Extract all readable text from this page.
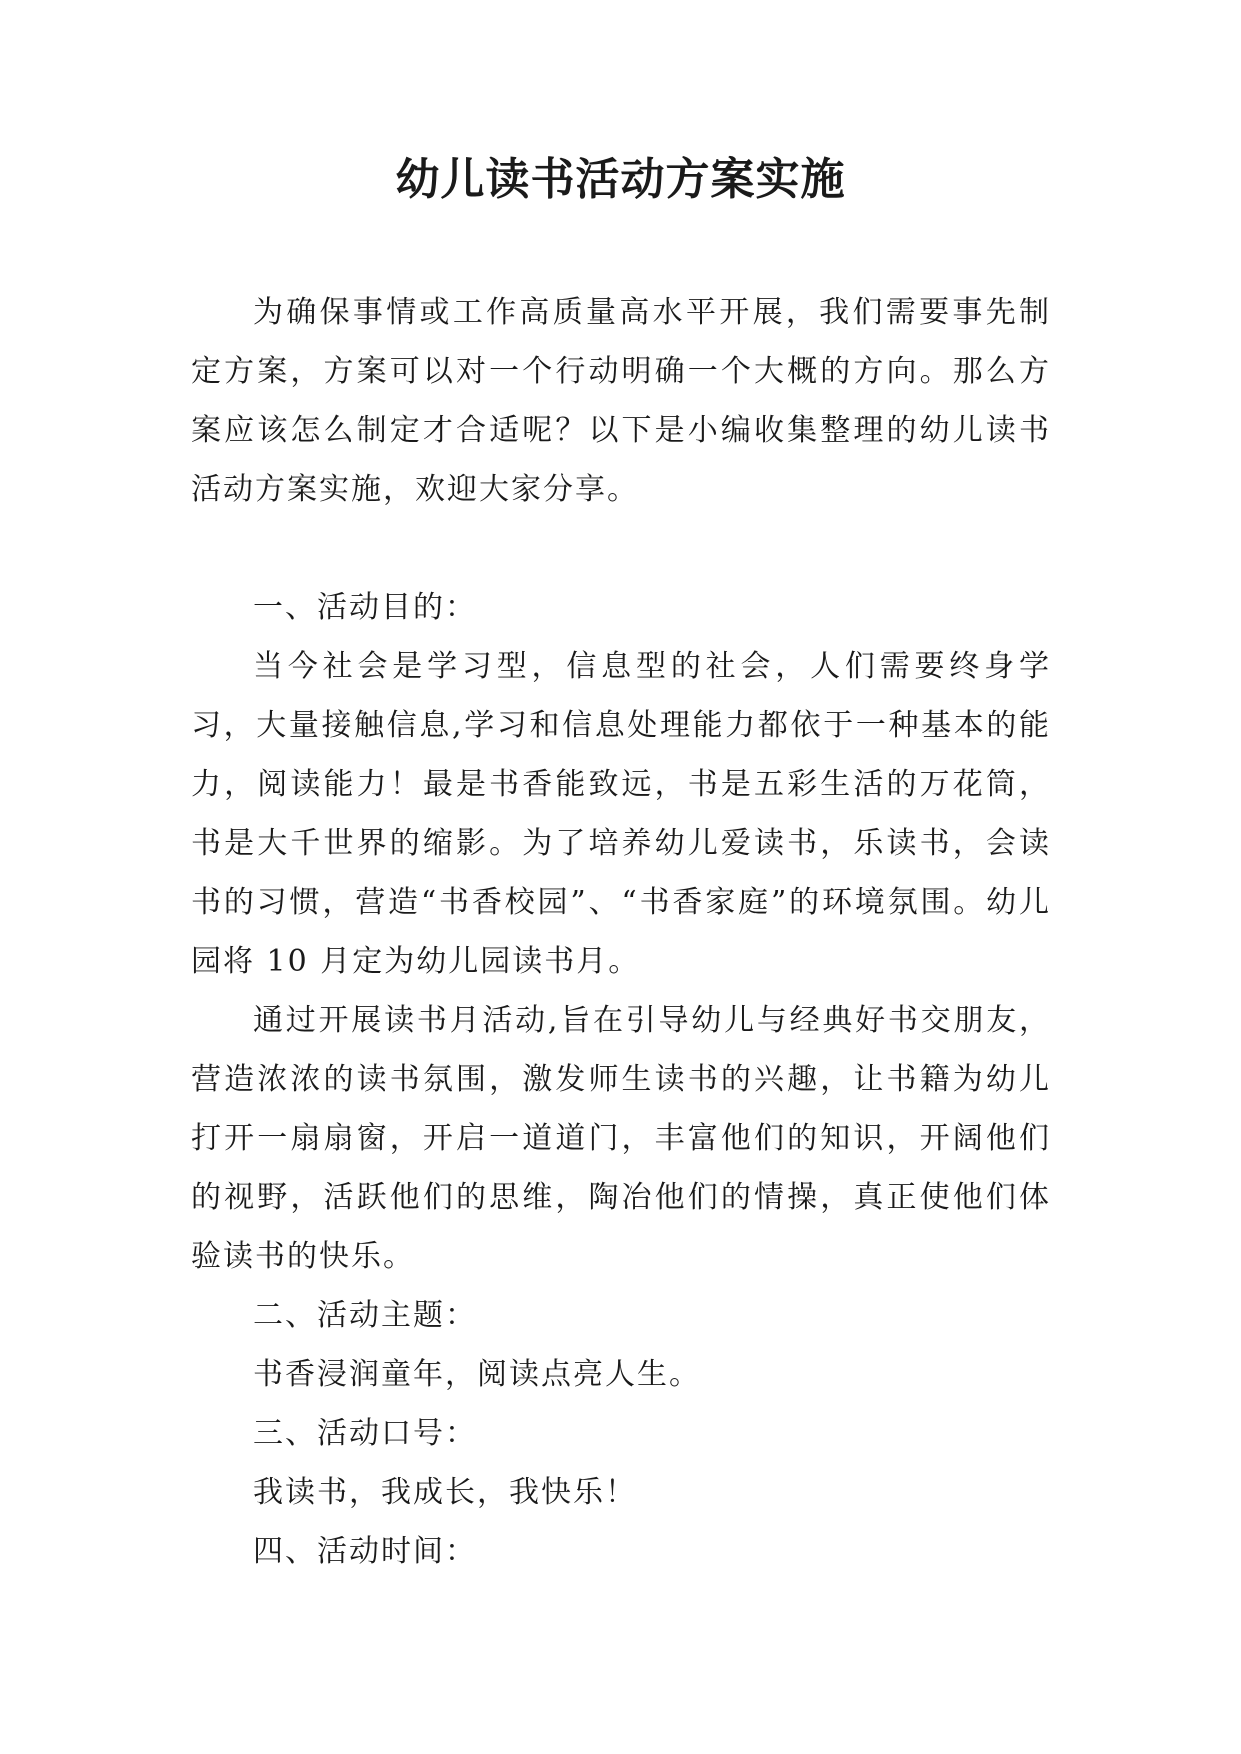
幼儿读书活动方案实施

为确保事情或工作高质量高水平开展，我们需要事先制定方案，方案可以对一个行动明确一个大概的方向。那么方案应该怎么制定才合适呢？以下是小编收集整理的幼儿读书活动方案实施，欢迎大家分享。

一、活动目的：

当今社会是学习型，信息型的社会，人们需要终身学习，大量接触信息,学习和信息处理能力都依于一种基本的能力，阅读能力！最是书香能致远，书是五彩生活的万花筒，书是大千世界的缩影。为了培养幼儿爱读书，乐读书，会读书的习惯，营造“书香校园”、“书香家庭”的环境氛围。幼儿园将 10 月定为幼儿园读书月。

通过开展读书月活动,旨在引导幼儿与经典好书交朋友，营造浓浓的读书氛围，激发师生读书的兴趣，让书籍为幼儿打开一扇扇窗，开启一道道门，丰富他们的知识，开阔他们的视野，活跃他们的思维，陶冶他们的情操，真正使他们体验读书的快乐。

二、活动主题：

书香浸润童年，阅读点亮人生。

三、活动口号：

我读书，我成长，我快乐！

四、活动时间：
